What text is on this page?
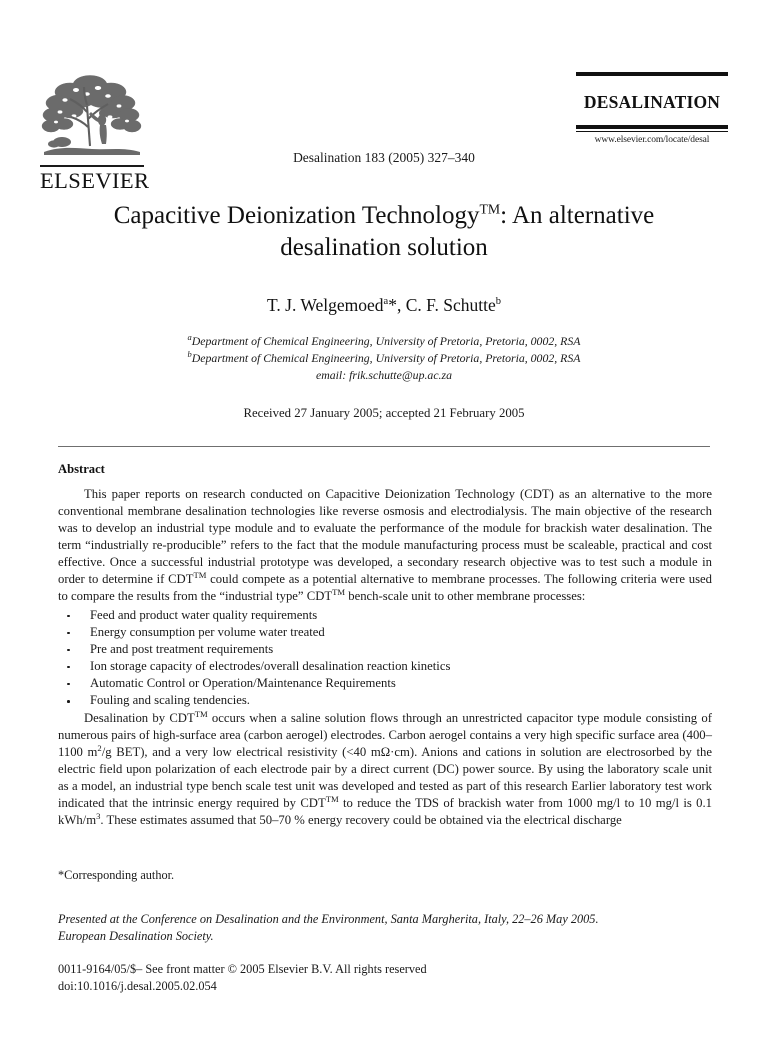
ELSEVIER
Desalination 183 (2005) 327–340
DESALINATION
www.elsevier.com/locate/desal
Capacitive Deionization Technology™: An alternative desalination solution
T. J. Welgemoed$^a$*, C. F. Schutte$^b$
$^a$Department of Chemical Engineering, University of Pretoria, Pretoria, 0002, RSA
$^b$Department of Chemical Engineering, University of Pretoria, Pretoria, 0002, RSA
email: frik.schutte@up.ac.za
Received 27 January 2005; accepted 21 February 2005
Abstract

This paper reports on research conducted on Capacitive Deionization Technology (CDT) as an alternative to the more conventional membrane desalination technologies like reverse osmosis and electrodialysis. The main objective of the research was to develop an industrial type module and to evaluate the performance of the module for brackish water desalination. The term “industrially re-producible” refers to the fact that the module manufacturing process must be scaleable, practical and cost effective. Once a successful industrial prototype was developed, a secondary research objective was to test such a module in order to determine if CDT™ could compete as a potential alternative to membrane processes. The following criteria were used to compare the results from the “industrial type” CDT™ bench-scale unit to other membrane processes:

Feed and product water quality requirements
Energy consumption per volume water treated
Pre and post treatment requirements
Ion storage capacity of electrodes/overall desalination reaction kinetics
Automatic Control or Operation/Maintenance Requirements
Fouling and scaling tendencies.

Desalination by CDT™ occurs when a saline solution flows through an unrestricted capacitor type module consisting of numerous pairs of high-surface area (carbon aerogel) electrodes. Carbon aerogel contains a very high specific surface area (400–1100 $m^2/g$ BET), and a very low electrical resistivity (<40 mΩ·cm). Anions and cations in solution are electrosorbed by the electric field upon polarization of each electrode pair by a direct current (DC) power source. By using the laboratory scale unit as a model, an industrial type bench scale test unit was developed and tested as part of this research Earlier laboratory test work indicated that the intrinsic energy required by CDT™ to reduce the TDS of brackish water from 1000 mg/l to 10 mg/l is 0.1 kWh/$m^3$. These estimates assumed that 50–70 % energy recovery could be obtained via the electrical discharge

*Corresponding author.

Presented at the Conference on Desalination and the Environment, Santa Margherita, Italy, 22–26 May 2005.
European Desalination Society.
0011-9164/05/$– See front matter © 2005 Elsevier B.V. All rights reserved
doi:10.1016/j.desal.2005.02.054
